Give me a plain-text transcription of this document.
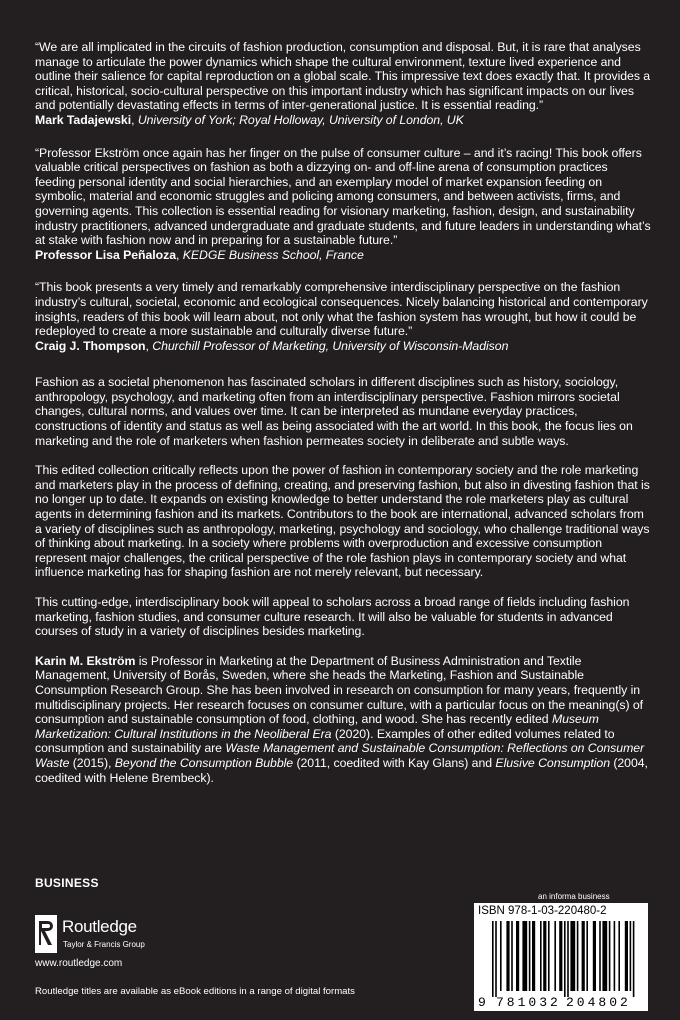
“We are all implicated in the circuits of fashion production, consumption and disposal. But, it is rare that analyses manage to articulate the power dynamics which shape the cultural environment, texture lived experience and outline their salience for capital reproduction on a global scale. This impressive text does exactly that. It provides a critical, historical, socio-cultural perspective on this important industry which has significant impacts on our lives and potentially devastating effects in terms of inter-generational justice. It is essential reading.”

Mark Tadajewski, University of York; Royal Holloway, University of London, UK

“Professor Ekström once again has her finger on the pulse of consumer culture – and it’s racing! This book offers valuable critical perspectives on fashion as both a dizzying on- and off-line arena of consumption practices feeding personal identity and social hierarchies, and an exemplary model of market expansion feeding on symbolic, material and economic struggles and policing among consumers, and between activists, firms, and governing agents. This collection is essential reading for visionary marketing, fashion, design, and sustainability industry practitioners, advanced undergraduate and graduate students, and future leaders in understanding what’s at stake with fashion now and in preparing for a sustainable future.”

Professor Lisa Peñaloza, KEDGE Business School, France

“This book presents a very timely and remarkably comprehensive interdisciplinary perspective on the fashion industry’s cultural, societal, economic and ecological consequences. Nicely balancing historical and contemporary insights, readers of this book will learn about, not only what the fashion system has wrought, but how it could be redeployed to create a more sustainable and culturally diverse future.”

Craig J. Thompson, Churchill Professor of Marketing, University of Wisconsin-Madison

Fashion as a societal phenomenon has fascinated scholars in different disciplines such as history, sociology, anthropology, psychology, and marketing often from an interdisciplinary perspective. Fashion mirrors societal changes, cultural norms, and values over time. It can be interpreted as mundane everyday practices, constructions of identity and status as well as being associated with the art world. In this book, the focus lies on marketing and the role of marketers when fashion permeates society in deliberate and subtle ways.

This edited collection critically reflects upon the power of fashion in contemporary society and the role marketing and marketers play in the process of defining, creating, and preserving fashion, but also in divesting fashion that is no longer up to date. It expands on existing knowledge to better understand the role marketers play as cultural agents in determining fashion and its markets. Contributors to the book are international, advanced scholars from a variety of disciplines such as anthropology, marketing, psychology and sociology, who challenge traditional ways of thinking about marketing. In a society where problems with overproduction and excessive consumption represent major challenges, the critical perspective of the role fashion plays in contemporary society and what influence marketing has for shaping fashion are not merely relevant, but necessary.

This cutting-edge, interdisciplinary book will appeal to scholars across a broad range of fields including fashion marketing, fashion studies, and consumer culture research. It will also be valuable for students in advanced courses of study in a variety of disciplines besides marketing.

Karin M. Ekström is Professor in Marketing at the Department of Business Administration and Textile Management, University of Borås, Sweden, where she heads the Marketing, Fashion and Sustainable Consumption Research Group. She has been involved in research on consumption for many years, frequently in multidisciplinary projects. Her research focuses on consumer culture, with a particular focus on the meaning(s) of consumption and sustainable consumption of food, clothing, and wood. She has recently edited Museum Marketization: Cultural Institutions in the Neoliberal Era (2020). Examples of other edited volumes related to consumption and sustainability are Waste Management and Sustainable Consumption: Reflections on Consumer Waste (2015), Beyond the Consumption Bubble (2011, coedited with Kay Glans) and Elusive Consumption (2004, coedited with Helene Brembeck).

BUSINESS
Routledge
Taylor & Francis Group
www.routledge.com
Routledge titles are available as eBook editions in a range of digital formats
an informa business
ISBN 978-1-03-220480-2
9 781032 204802
